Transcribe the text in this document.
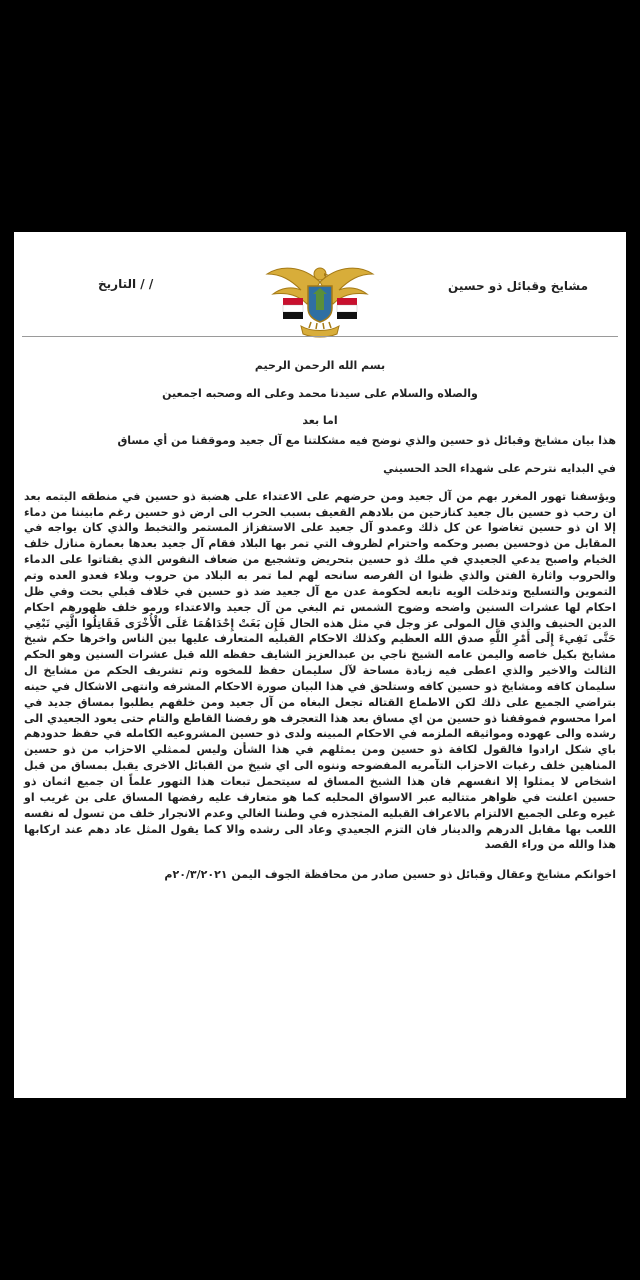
التاريخ / /	مشايخ وقبائل ذو حسين
بسم الله الرحمن الرحيم
والصلاه والسلام على سيدنا محمد وعلى اله وصحبه اجمعين
اما بعد

هذا بيان مشايخ وقبائل ذو حسين والذي نوضح فيه مشكلتنا مع آل جعيد وموقفنا من أي مساق

في البدايه نترحم على شهداء الحد الحسيني

ويؤسفنا تهور المغرر بهم من آل جعيد ومن حرضهم على الاعتداء على هضبة ذو حسين في منطقه اليتمه بعد ان رحب ذو حسين بال جعيد كنازحين من بلادهم القعيف بسبب الحرب الى ارض ذو حسين رغم مابيننا من دماء إلا ان ذو حسين تغاضوا عن كل ذلك وعمدو آل جعيد على الاستفزاز المستمر والتخبط والذي كان يواجه في المقابل من ذوحسين بصبر وحكمه واحترام لظروف التي تمر بها البلاد فقام آل جعيد بعدها بعمارة منازل خلف الخيام واصبح يدعي الجعيدي في ملك ذو حسين بتحريض وتشجيع من ضعاف النفوس الذي يقتاتوا على الدماء والحروب واثارة الفتن والذي ظنوا ان الفرصه سانحه لهم لما تمر به البلاد من حروب وبلاء فعدو العده وتم التموين والتسليح وتدخلت الويه تابعه لحكومة عدن مع آل جعيد ضد ذو حسين في خلاف قبلي بحت وفي ظل احكام لها عشرات السنين واضحه وضوح الشمس تم البغي من آل جعيد والاعتداء ورمو خلف ظهورهم احكام الدين الحنيف والذي قال المولى عز وجل في مثل هذه الحال فَإِن بَغَتْ إِحْدَاهُمَا عَلَى الْأُخْرَى فَقَاتِلُوا الَّتِي تَبْغِي حَتَّى تَفِيءَ إِلَى أَمْرِ اللَّهِ صدق الله العظيم وكذلك الاحكام القبليه المتعارف عليها بين الناس واخرها حكم شيخ مشايخ بكيل خاصه واليمن عامه الشيخ ناجي بن عبدالعزيز الشايف حفظه الله قبل عشرات السنين وهو الحكم الثالث والاخير والذي اعطى فيه زيادة مساحة لآل سليمان حفظ للمخوه وتم تشريف الحكم من مشايخ ال سليمان كافه ومشايخ ذو حسين كافه وستلحق في هذا البيان صورة الاحكام المشرفه وانتهى الاشكال في حينه بتراضي الجميع على ذلك لكن الاطماع القتاله تجعل البغاه من آل جعيد ومن خلفهم يطلبوا بمساق جديد في امرا محسوم فموقفنا ذو حسين من اي مساق بعد هذا التعجرف هو رفضنا القاطع والتام حتى يعود الجعيدي الى رشده والى عهوده ومواثيقه الملزمه في الاحكام المبينه ولدى ذو حسين المشروعيه الكامله في حفظ حدودهم باي شكل ارادوا فالقول لكافة ذو حسين ومن يمثلهم في هذا الشأن وليس لممثلي الاحزاب من ذو حسين المناهين خلف رغبات الاحزاب التآمريه المفضوحه وننوه الى اي شيخ من القبائل الاخرى يقبل بمساق من قبل اشخاص لا يمثلوا إلا انفسهم فان هذا الشيخ المساق له سيتحمل تبعات هذا التهور علماً ان جميع اثمان ذو حسين اعلنت في ظواهر متتاليه عبر الاسواق المحليه كما هو متعارف عليه رفضها المساق على بن غريب او غيره وعلى الجميع الالتزام بالاعراف القبليه المتجذره في وطننا الغالي وعدم الانجرار خلف من تسول له نفسه اللعب بها مقابل الدرهم والدينار فان التزم الجعيدي وعاد الى رشده والا كما يقول المثل عاد دهم عند اركابها هذا والله من وراء القصد

اخوانكم مشايخ وعقال وقبائل ذو حسين صادر من محافظة الجوف اليمن ٢٠/٣/٢٠٢١م
